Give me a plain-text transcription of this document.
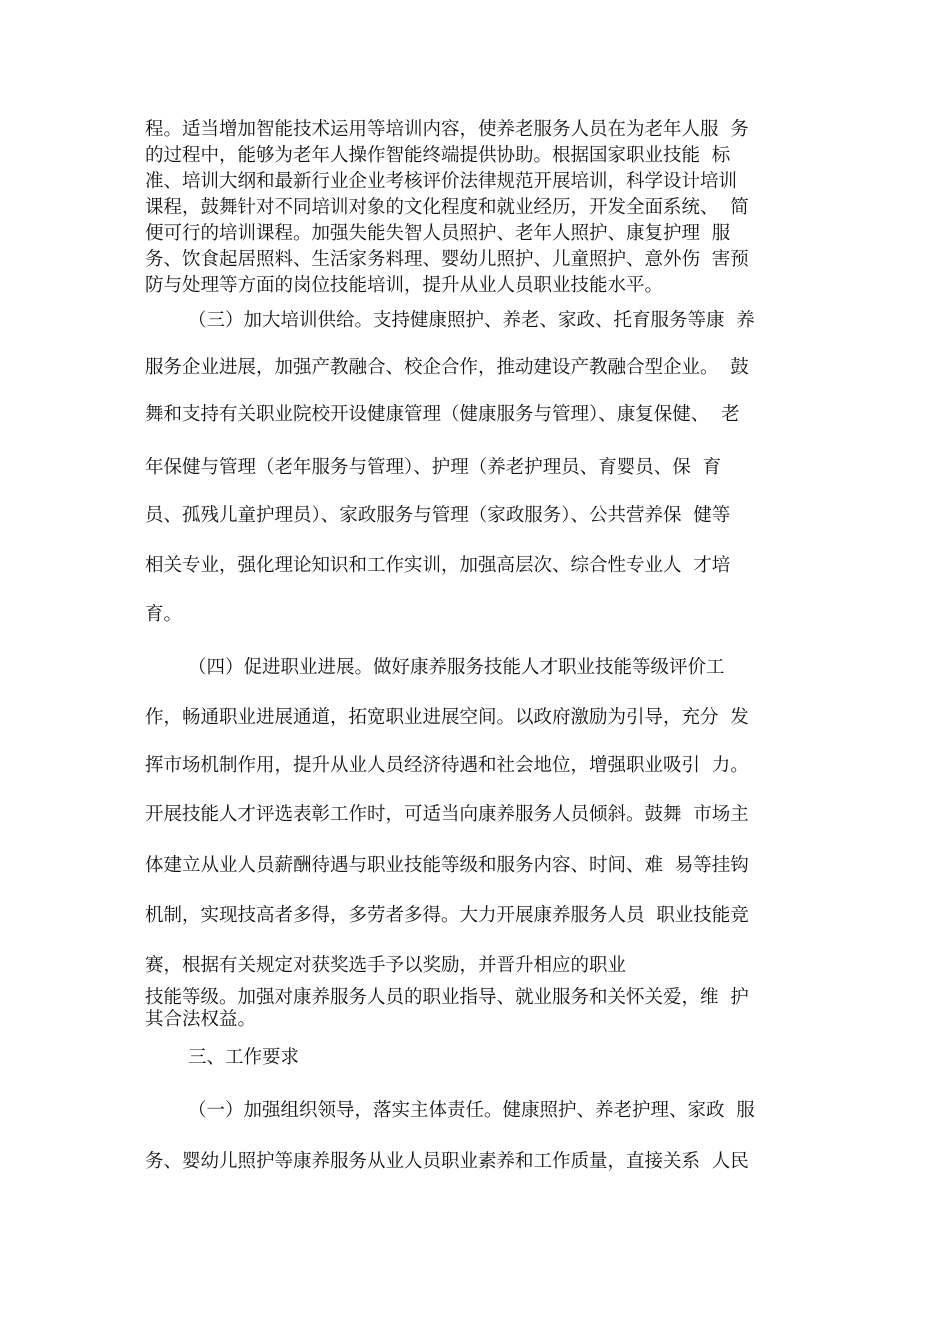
程。适当增加智能技术运用等培训内容，使养老服务人员在为老年人服  务
的过程中，能够为老年人操作智能终端提供协助。根据国家职业技能  标
准、培训大纲和最新行业企业考核评价法律规范开展培训，科学设计培训
课程，鼓舞针对不同培训对象的文化程度和就业经历，开发全面系统、  简
便可行的培训课程。加强失能失智人员照护、老年人照护、康复护理  服
务、饮食起居照料、生活家务料理、婴幼儿照护、儿童照护、意外伤  害预
防与处理等方面的岗位技能培训，提升从业人员职业技能水平。
（三）加大培训供给。支持健康照护、养老、家政、托育服务等康  养
服务企业进展，加强产教融合、校企合作，推动建设产教融合型企业。  鼓
舞和支持有关职业院校开设健康管理（健康服务与管理）、康复保健、  老
年保健与管理（老年服务与管理）、护理（养老护理员、育婴员、保  育
员、孤残儿童护理员）、家政服务与管理（家政服务）、公共营养保  健等
相关专业，强化理论知识和工作实训，加强高层次、综合性专业人  才培
育。
（四）促进职业进展。做好康养服务技能人才职业技能等级评价工
作，畅通职业进展通道，拓宽职业进展空间。以政府激励为引导，充分  发
挥市场机制作用，提升从业人员经济待遇和社会地位，增强职业吸引  力。
开展技能人才评选表彰工作时，可适当向康养服务人员倾斜。鼓舞  市场主
体建立从业人员薪酬待遇与职业技能等级和服务内容、时间、难  易等挂钩
机制，实现技高者多得，多劳者多得。大力开展康养服务人员  职业技能竞
赛，根据有关规定对获奖选手予以奖励，并晋升相应的职业
技能等级。加强对康养服务人员的职业指导、就业服务和关怀关爱，维  护
其合法权益。
三、工作要求
（一）加强组织领导，落实主体责任。健康照护、养老护理、家政  服
务、婴幼儿照护等康养服务从业人员职业素养和工作质量，直接关系  人民
